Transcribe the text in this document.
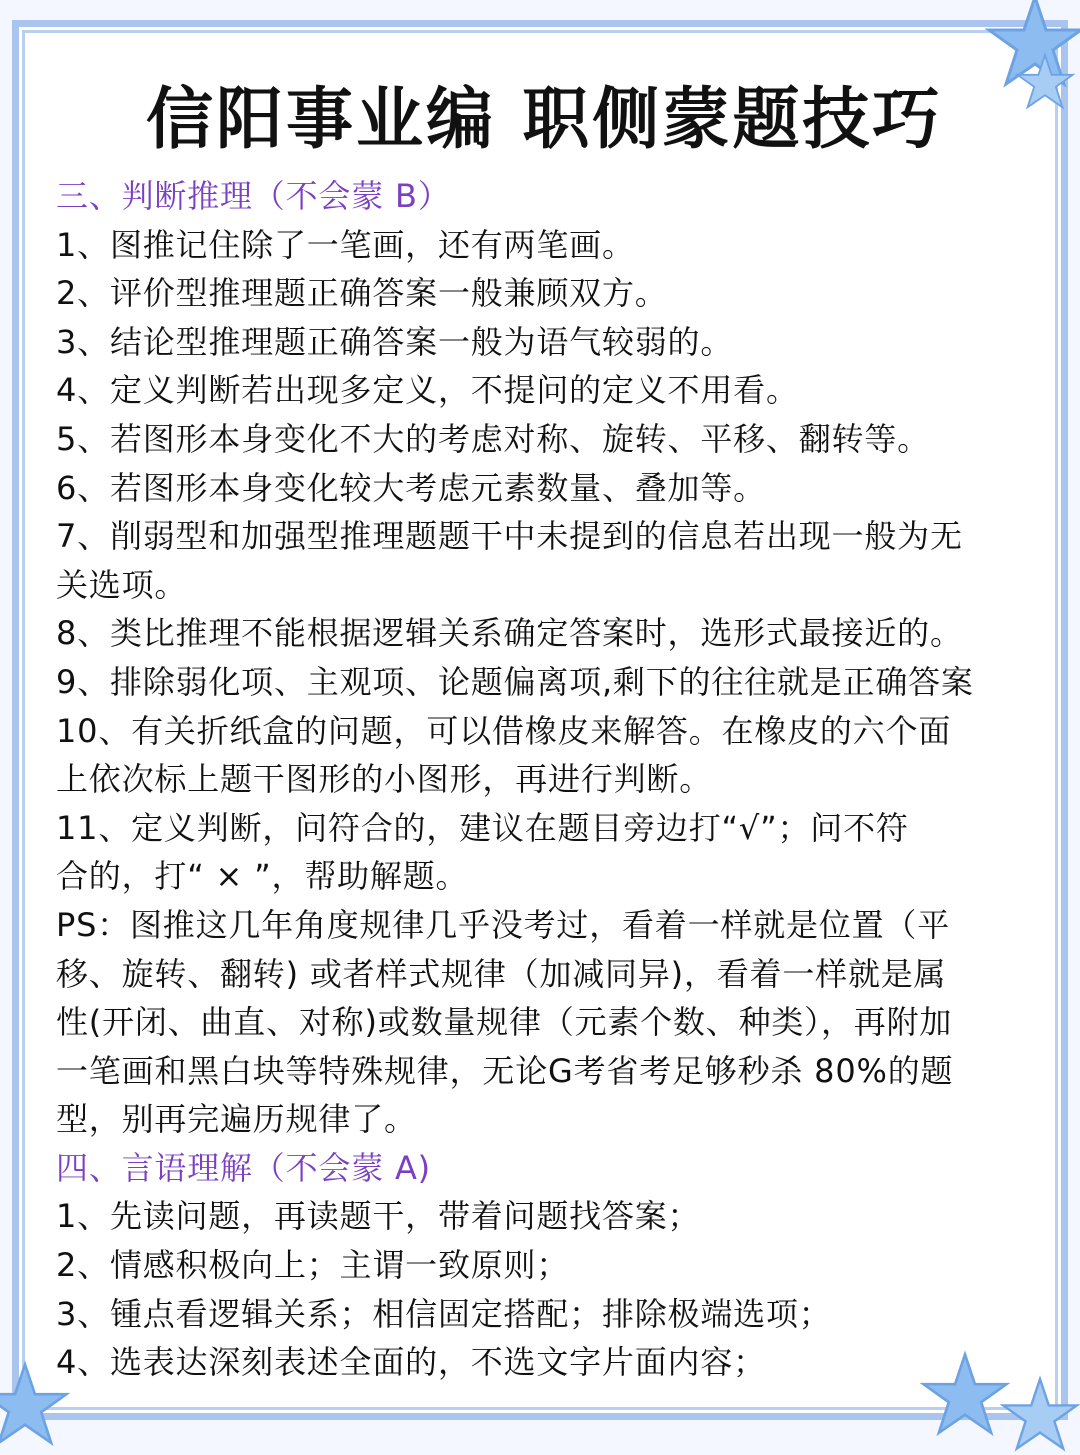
信阳事业编 职侧蒙题技巧
三、判断推理（不会蒙 B）
1、图推记住除了一笔画，还有两笔画。
2、评价型推理题正确答案一般兼顾双方。
3、结论型推理题正确答案一般为语气较弱的。
4、定义判断若出现多定义，不提问的定义不用看。
5、若图形本身变化不大的考虑对称、旋转、平移、翻转等。
6、若图形本身变化较大考虑元素数量、叠加等。
7、削弱型和加强型推理题题干中未提到的信息若出现一般为无
关选项。
8、类比推理不能根据逻辑关系确定答案时，选形式最接近的。
9、排除弱化项、主观项、论题偏离项,剩下的往往就是正确答案
10、有关折纸盒的问题，可以借橡皮来解答。在橡皮的六个面
上依次标上题干图形的小图形，再进行判断。
11、定义判断，问符合的，建议在题目旁边打“√”；问不符
合的，打“ × ”，帮助解题。
PS：图推这几年角度规律几乎没考过，看着一样就是位置（平
移、旋转、翻转) 或者样式规律（加减同异)，看着一样就是属
性(开闭、曲直、对称)或数量规律（元素个数、种类），再附加
一笔画和黑白块等特殊规律，无论G考省考足够秒杀 80%的题
型，别再完遍历规律了。
四、言语理解（不会蒙 A)
1、先读问题，再读题干，带着问题找答案；
2、情感积极向上；主谓一致原则；
3、锺点看逻辑关系；相信固定搭配；排除极端选项；
4、选表达深刻表述全面的，不选文字片面内容；
